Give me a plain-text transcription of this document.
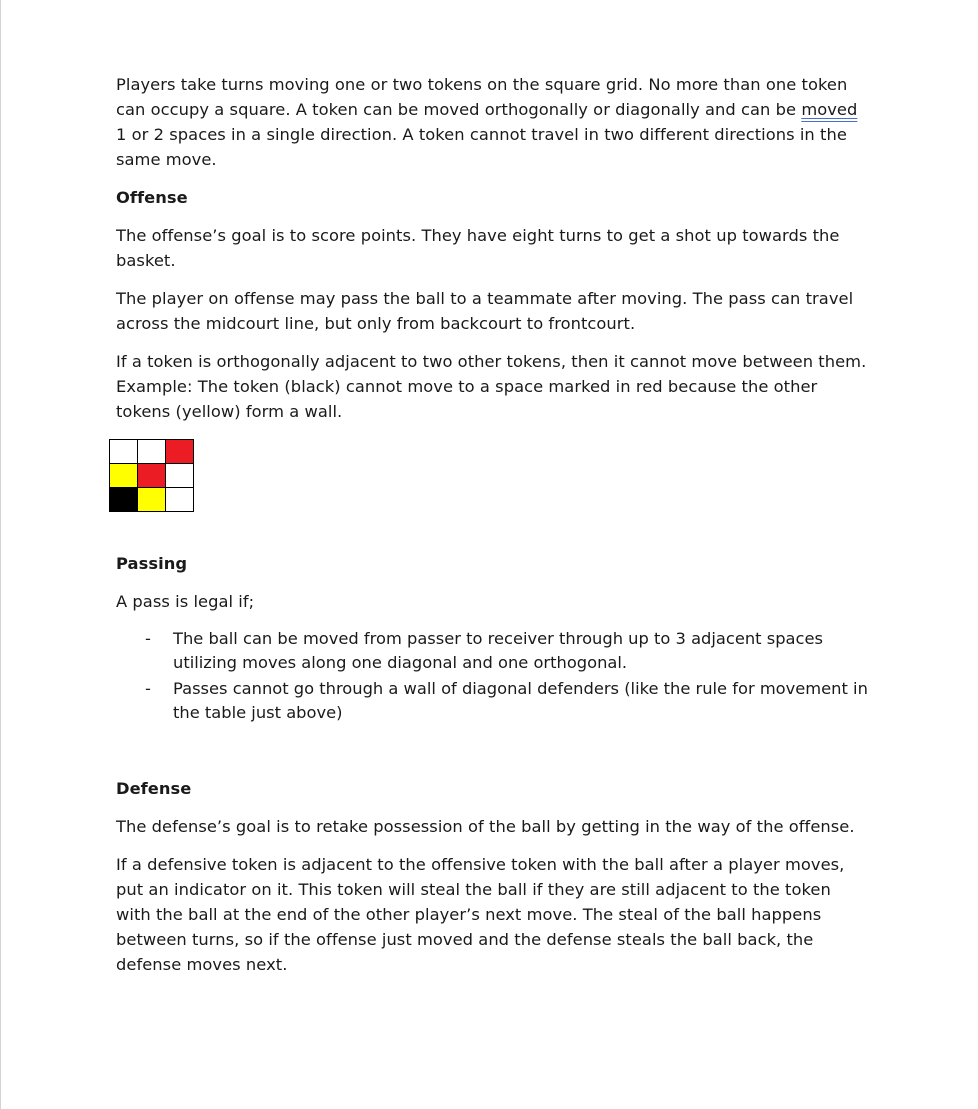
Players take turns moving one or two tokens on the square grid. No more than one token can occupy a square. A token can be moved orthogonally or diagonally and can be moved 1 or 2 spaces in a single direction. A token cannot travel in two different directions in the same move.

Offense

The offense’s goal is to score points. They have eight turns to get a shot up towards the basket.

The player on offense may pass the ball to a teammate after moving. The pass can travel across the midcourt line, but only from backcourt to frontcourt.

If a token is orthogonally adjacent to two other tokens, then it cannot move between them. Example: The token (black) cannot move to a space marked in red because the other tokens (yellow) form a wall.

Passing

A pass is legal if;

- The ball can be moved from passer to receiver through up to 3 adjacent spaces utilizing moves along one diagonal and one orthogonal.
- Passes cannot go through a wall of diagonal defenders (like the rule for movement in the table just above)

Defense

The defense’s goal is to retake possession of the ball by getting in the way of the offense.

If a defensive token is adjacent to the offensive token with the ball after a player moves, put an indicator on it. This token will steal the ball if they are still adjacent to the token with the ball at the end of the other player’s next move. The steal of the ball happens between turns, so if the offense just moved and the defense steals the ball back, the defense moves next.
